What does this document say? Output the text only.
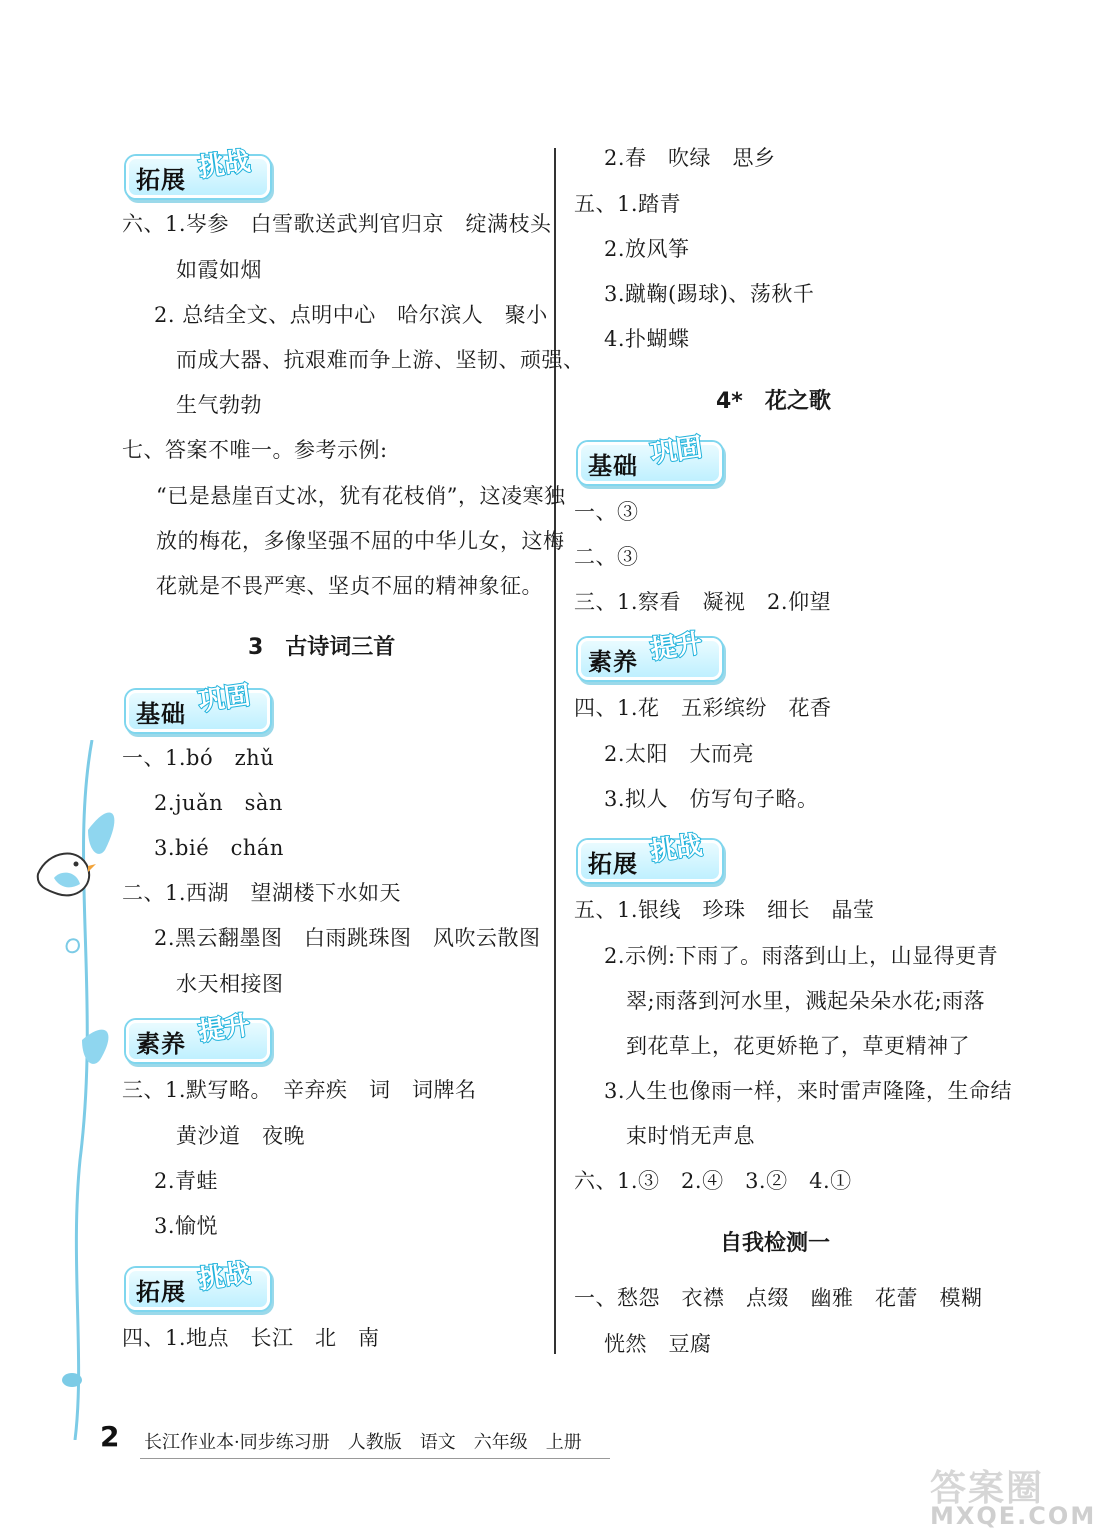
拓展 挑战
六、1.岑参　白雪歌送武判官归京　绽满枝头
如霞如烟
2. 总结全文、点明中心　哈尔滨人　聚小
而成大器、抗艰难而争上游、坚韧、顽强、
生气勃勃
七、答案不唯一。参考示例:
“已是悬崖百丈冰，犹有花枝俏”，这凌寒独
放的梅花，多像坚强不屈的中华儿女，这梅
花就是不畏严寒、坚贞不屈的精神象征。
3　古诗词三首
基础 巩固
一、1.bó　zhǔ
2.juǎn　sàn
3.bié　chán
二、1.西湖　望湖楼下水如天
2.黑云翻墨图　白雨跳珠图　风吹云散图
水天相接图
素养 提升
三、1.默写略。　辛弃疾　词　词牌名
黄沙道　夜晚
2.青蛙
3.愉悦
拓展 挑战
四、1.地点　长江　北　南
2.春　吹绿　思乡
五、1.踏青
2.放风筝
3.蹴鞠(踢球)、荡秋千
4.扑蝴蝶
4*　花之歌
基础 巩固
一、③
二、③
三、1.察看　凝视　2.仰望
素养 提升
四、1.花　五彩缤纷　花香
2.太阳　大而亮
3.拟人　仿写句子略。
拓展 挑战
五、1.银线　珍珠　细长　晶莹
2.示例:下雨了。雨落到山上，山显得更青
翠;雨落到河水里，溅起朵朵水花;雨落
到花草上，花更娇艳了，草更精神了
3.人生也像雨一样，来时雷声隆隆，生命结
束时悄无声息
六、1.③　2.④　3.②　4.①
自我检测一
一、愁怨　衣襟　点缀　幽雅　花蕾　模糊
恍然　豆腐
2 长江作业本·同步练习册　人教版　语文　六年级　上册
答案圈
MXQE.COM
